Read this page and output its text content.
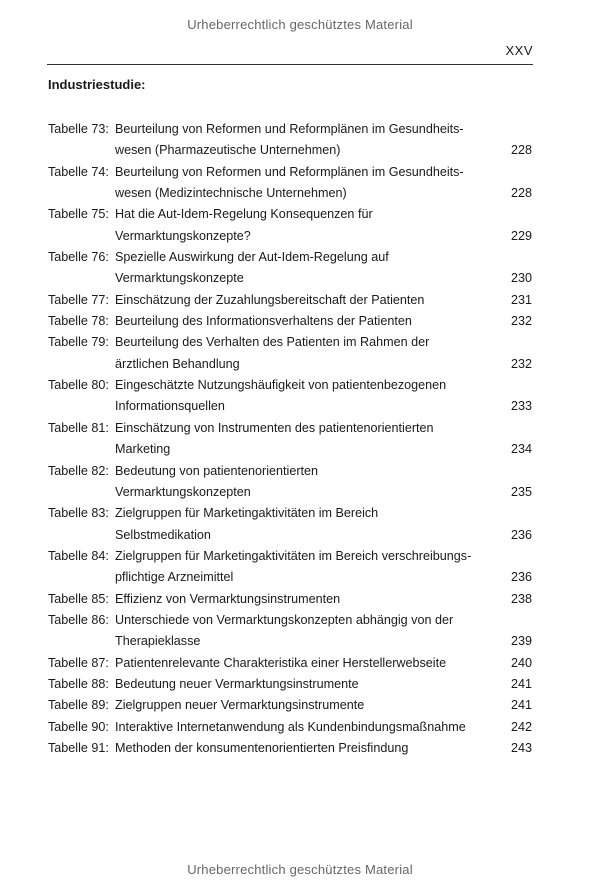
Urheberrechtlich geschütztes Material
XXV
Industriestudie:
Tabelle 73: Beurteilung von Reformen und Reformplänen im Gesundheits-
wesen (Pharmazeutische Unternehmen)	228
Tabelle 74: Beurteilung von Reformen und Reformplänen im Gesundheits-
wesen (Medizintechnische Unternehmen)	228
Tabelle 75: Hat die Aut-Idem-Regelung Konsequenzen für
Vermarktungskonzepte?	229
Tabelle 76: Spezielle Auswirkung der Aut-Idem-Regelung auf
Vermarktungskonzepte	230
Tabelle 77: Einschätzung der Zuzahlungsbereitschaft der Patienten	231
Tabelle 78: Beurteilung des Informationsverhaltens der Patienten	232
Tabelle 79: Beurteilung des Verhalten des Patienten im Rahmen der
ärztlichen Behandlung	232
Tabelle 80: Eingeschätzte Nutzungshäufigkeit von patientenbezogenen
Informationsquellen	233
Tabelle 81: Einschätzung von Instrumenten des patientenorientierten
Marketing	234
Tabelle 82: Bedeutung von patientenorientierten
Vermarktungskonzepten	235
Tabelle 83: Zielgruppen für Marketingaktivitäten im Bereich
Selbstmedikation	236
Tabelle 84: Zielgruppen für Marketingaktivitäten im Bereich verschreibungs-
pflichtige Arzneimittel	236
Tabelle 85: Effizienz von Vermarktungsinstrumenten	238
Tabelle 86: Unterschiede von Vermarktungskonzepten abhängig von der
Therapieklasse	239
Tabelle 87: Patientenrelevante Charakteristika einer Herstellerwebseite	240
Tabelle 88: Bedeutung neuer Vermarktungsinstrumente	241
Tabelle 89: Zielgruppen neuer Vermarktungsinstrumente	241
Tabelle 90: Interaktive Internetanwendung als Kundenbindungsmaßnahme	242
Tabelle 91: Methoden der konsumentenorientierten Preisfindung	243
Urheberrechtlich geschütztes Material
